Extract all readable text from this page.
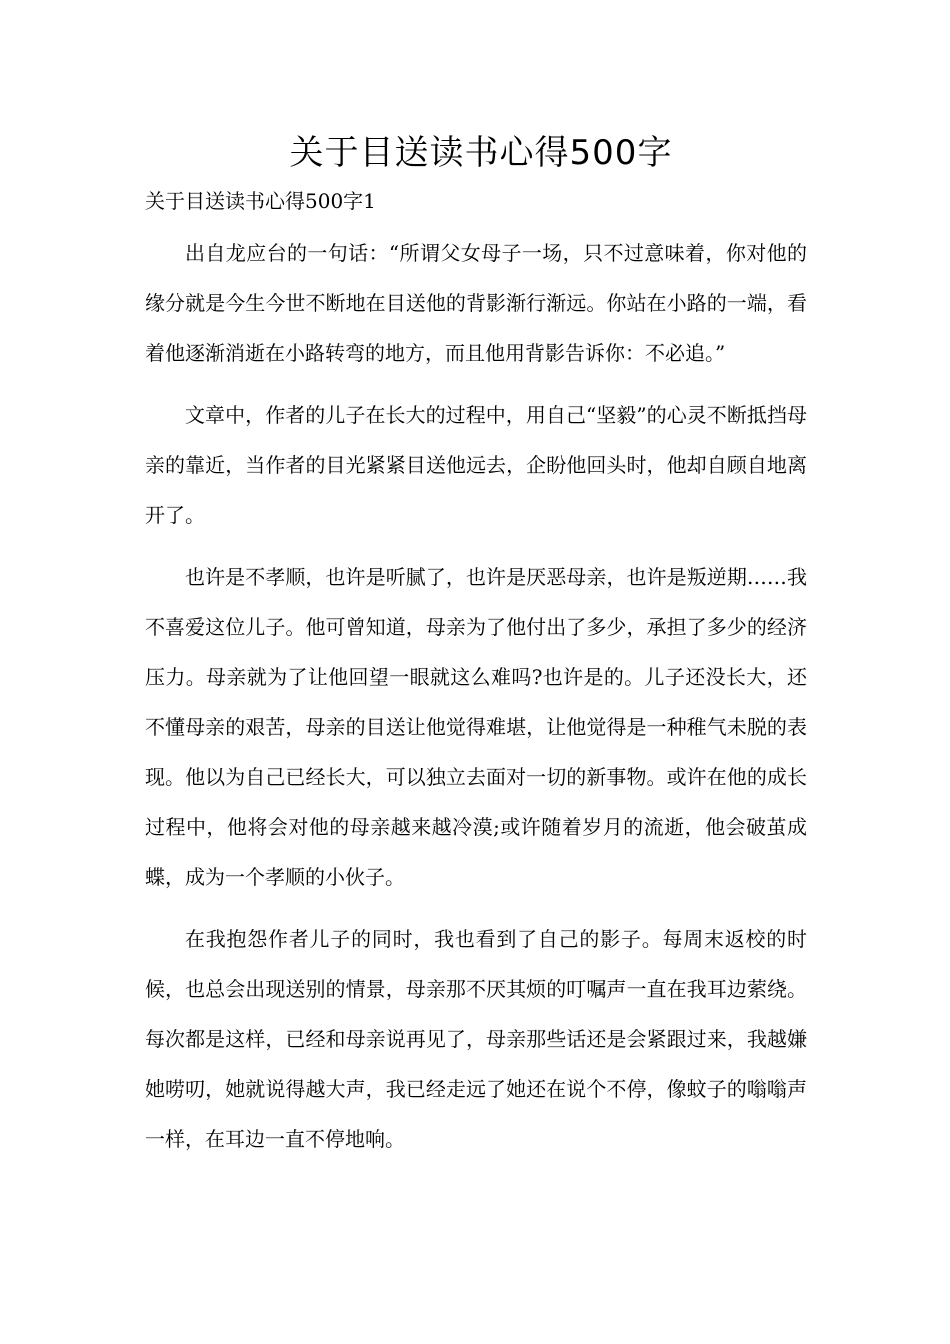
关于目送读书心得500字
关于目送读书心得500字1

出自龙应台的一句话：“所谓父女母子一场，只不过意味着，你对他的缘分就是今生今世不断地在目送他的背影渐行渐远。你站在小路的一端，看着他逐渐消逝在小路转弯的地方，而且他用背影告诉你：不必追。”

文章中，作者的儿子在长大的过程中，用自己“坚毅”的心灵不断抵挡母亲的靠近，当作者的目光紧紧目送他远去，企盼他回头时，他却自顾自地离开了。

也许是不孝顺，也许是听腻了，也许是厌恶母亲，也许是叛逆期……我不喜爱这位儿子。他可曾知道，母亲为了他付出了多少，承担了多少的经济压力。母亲就为了让他回望一眼就这么难吗?也许是的。儿子还没长大，还不懂母亲的艰苦，母亲的目送让他觉得难堪，让他觉得是一种稚气未脱的表现。他以为自己已经长大，可以独立去面对一切的新事物。或许在他的成长过程中，他将会对他的母亲越来越冷漠;或许随着岁月的流逝，他会破茧成蝶，成为一个孝顺的小伙子。

在我抱怨作者儿子的同时，我也看到了自己的影子。每周末返校的时候，也总会出现送别的情景，母亲那不厌其烦的叮嘱声一直在我耳边萦绕。每次都是这样，已经和母亲说再见了，母亲那些话还是会紧跟过来，我越嫌她唠叨，她就说得越大声，我已经走远了她还在说个不停，像蚊子的嗡嗡声一样，在耳边一直不停地响。
